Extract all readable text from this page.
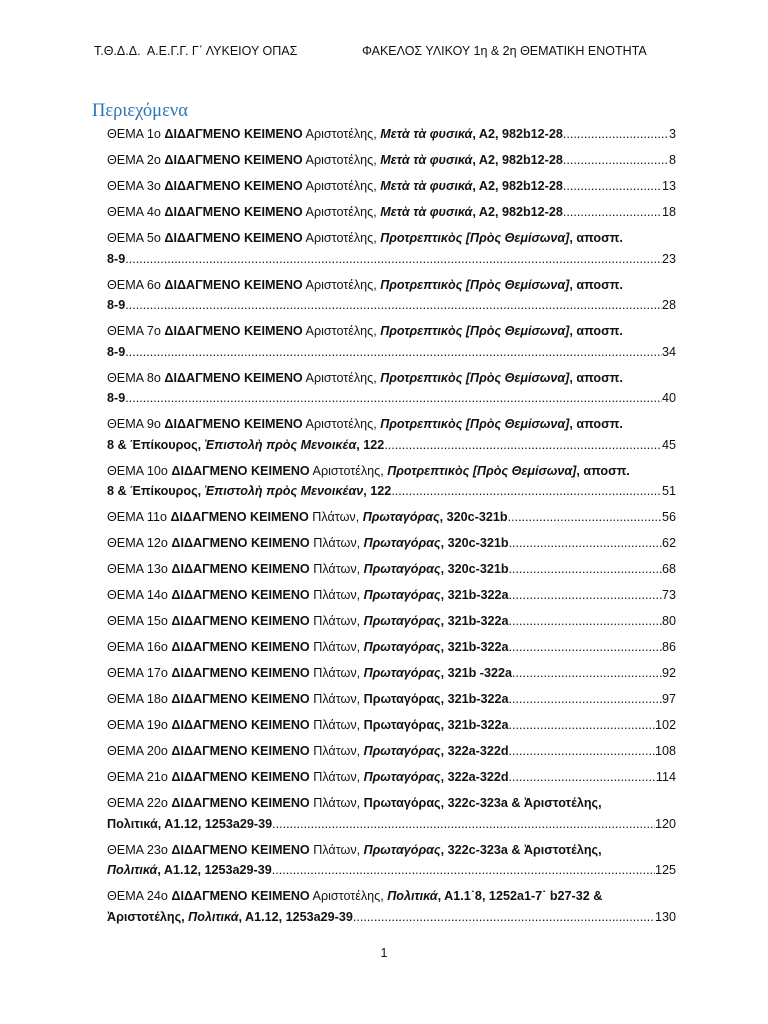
Τ.Θ.Δ.Δ.  Α.Ε.Γ.Γ. Γ΄ ΛΥΚΕΙΟΥ ΟΠΑΣ	ΦΑΚΕΛΟΣ ΥΛΙΚΟΥ 1η & 2η ΘΕΜΑΤΙΚΗ ΕΝΟΤΗΤΑ
Περιεχόμενα
ΘΕΜΑ 1ο ΔΙΔΑΓΜΕΝΟ ΚΕΙΜΕΝΟ Αριστοτέλης, Μετὰ τὰ φυσικά, Α2, 982b12-28 .....	3
ΘΕΜΑ 2ο ΔΙΔΑΓΜΕΝΟ ΚΕΙΜΕΝΟ Αριστοτέλης, Μετὰ τὰ φυσικά, Α2, 982b12-28 .....	8
ΘΕΜΑ 3ο ΔΙΔΑΓΜΕΝΟ ΚΕΙΜΕΝΟ Αριστοτέλης, Μετὰ τὰ φυσικά, Α2, 982b12-28 .....	13
ΘΕΜΑ 4ο ΔΙΔΑΓΜΕΝΟ ΚΕΙΜΕΝΟ Αριστοτέλης, Μετὰ τὰ φυσικά, Α2, 982b12-28 .....	18
ΘΕΜΑ 5ο ΔΙΔΑΓΜΕΝΟ ΚΕΙΜΕΝΟ Αριστοτέλης, Προτρεπτικὸς [Πρὸς Θεμίσωνα], αποσπ.
8-9 .....	23
ΘΕΜΑ 6ο ΔΙΔΑΓΜΕΝΟ ΚΕΙΜΕΝΟ Αριστοτέλης, Προτρεπτικὸς [Πρὸς Θεμίσωνα], αποσπ.
8-9 .....	28
ΘΕΜΑ 7ο ΔΙΔΑΓΜΕΝΟ ΚΕΙΜΕΝΟ Αριστοτέλης, Προτρεπτικὸς [Πρὸς Θεμίσωνα], αποσπ.
8-9 .....	34
ΘΕΜΑ 8ο ΔΙΔΑΓΜΕΝΟ ΚΕΙΜΕΝΟ Αριστοτέλης, Προτρεπτικὸς [Πρὸς Θεμίσωνα], αποσπ.
8-9 .....	40
ΘΕΜΑ 9ο ΔΙΔΑΓΜΕΝΟ ΚΕΙΜΕΝΟ Αριστοτέλης, Προτρεπτικὸς [Πρὸς Θεμίσωνα], αποσπ.
8 & Έπίκουρος, Ἐπιστολὴ πρὸς Μενοικέα, 122 .....	45
ΘΕΜΑ 10ο ΔΙΔΑΓΜΕΝΟ ΚΕΙΜΕΝΟ Αριστοτέλης, Προτρεπτικὸς [Πρὸς Θεμίσωνα], αποσπ.
8 & Έπίκουρος, Ἐπιστολὴ πρὸς Μενοικέαν, 122 .....	51
ΘΕΜΑ 11ο ΔΙΔΑΓΜΕΝΟ ΚΕΙΜΕΝΟ Πλάτων, Πρωταγόρας, 320c-321b .....	56
ΘΕΜΑ 12ο ΔΙΔΑΓΜΕΝΟ ΚΕΙΜΕΝΟ Πλάτων, Πρωταγόρας, 320c-321b .....	62
ΘΕΜΑ 13ο ΔΙΔΑΓΜΕΝΟ ΚΕΙΜΕΝΟ Πλάτων, Πρωταγόρας, 320c-321b .....	68
ΘΕΜΑ 14ο ΔΙΔΑΓΜΕΝΟ ΚΕΙΜΕΝΟ Πλάτων, Πρωταγόρας, 321b-322a .....	73
ΘΕΜΑ 15ο ΔΙΔΑΓΜΕΝΟ ΚΕΙΜΕΝΟ Πλάτων, Πρωταγόρας, 321b-322a .....	80
ΘΕΜΑ 16ο ΔΙΔΑΓΜΕΝΟ ΚΕΙΜΕΝΟ Πλάτων, Πρωταγόρας, 321b-322a .....	86
ΘΕΜΑ 17ο ΔΙΔΑΓΜΕΝΟ ΚΕΙΜΕΝΟ Πλάτων, Πρωταγόρας, 321b -322a .....	92
ΘΕΜΑ 18ο ΔΙΔΑΓΜΕΝΟ ΚΕΙΜΕΝΟ Πλάτων, Πρωταγόρας, 321b-322a .....	97
ΘΕΜΑ 19ο ΔΙΔΑΓΜΕΝΟ ΚΕΙΜΕΝΟ Πλάτων, Πρωταγόρας, 321b-322a .....	102
ΘΕΜΑ 20ο ΔΙΔΑΓΜΕΝΟ ΚΕΙΜΕΝΟ Πλάτων, Πρωταγόρας, 322a-322d .....	108
ΘΕΜΑ 21ο ΔΙΔΑΓΜΕΝΟ ΚΕΙΜΕΝΟ Πλάτων, Πρωταγόρας, 322a-322d .....	114
ΘΕΜΑ 22ο ΔΙΔΑΓΜΕΝΟ ΚΕΙΜΕΝΟ Πλάτων, Πρωταγόρας, 322c-323a & Ἀριστοτέλης,
Πολιτικά, Α1.12, 1253a29-39 .....	120
ΘΕΜΑ 23ο ΔΙΔΑΓΜΕΝΟ ΚΕΙΜΕΝΟ Πλάτων, Πρωταγόρας, 322c-323a & Ἀριστοτέλης,
Πολιτικά, Α1.12, 1253a29-39 .....	125
ΘΕΜΑ 24ο ΔΙΔΑΓΜΕΝΟ ΚΕΙΜΕΝΟ Αριστοτέλης, Πολιτικά, Α1.1˙8, 1252a1-7˙ b27-32 &
Ἀριστοτέλης, Πολιτικά, Α1.12, 1253a29-39 .....	130
1
